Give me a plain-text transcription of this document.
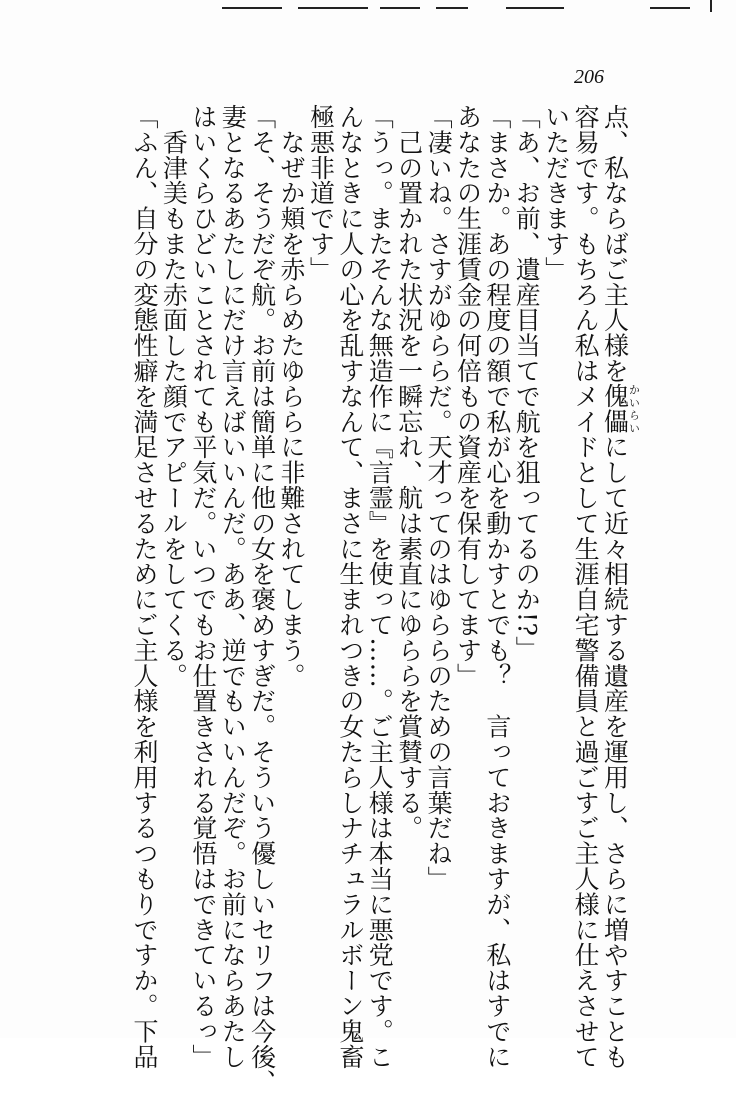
206
点、私ならばご主人様を傀儡かいらいにして近々相続する遺産を運用し、さらに増やすことも
容易です。もちろん私はメイドとして生涯自宅警備員と過ごすご主人様に仕えさせて
いただきます」
「あ、お前、遺産目当てで航を狙ってるのか!?」
「まさか。あの程度の額で私が心を動かすとでも？　言っておきますが、私はすでに
あなたの生涯賃金の何倍もの資産を保有してます」
「凄いね。さすがゆららだ。天才ってのはゆららのための言葉だね」
　己の置かれた状況を一瞬忘れ、航は素直にゆららを賞賛する。
「うっ。またそんな無造作に『言霊』を使って……。ご主人様は本当に悪党です。こ
んなときに人の心を乱すなんて、まさに生まれつきの女たらしナチュラルボーン鬼畜
極悪非道です」
　なぜか頬を赤らめたゆららに非難されてしまう。
「そ、そうだぞ航。お前は簡単に他の女を褒めすぎだ。そういう優しいセリフは今後、
妻となるあたしにだけ言えばいいんだ。ああ、逆でもいいんだぞ。お前にならあたし
はいくらひどいことされても平気だ。いつでもお仕置きされる覚悟はできているっ」
　香津美もまた赤面した顔でアピールをしてくる。
「ふん、自分の変態性癖を満足させるためにご主人様を利用するつもりですか。下品
